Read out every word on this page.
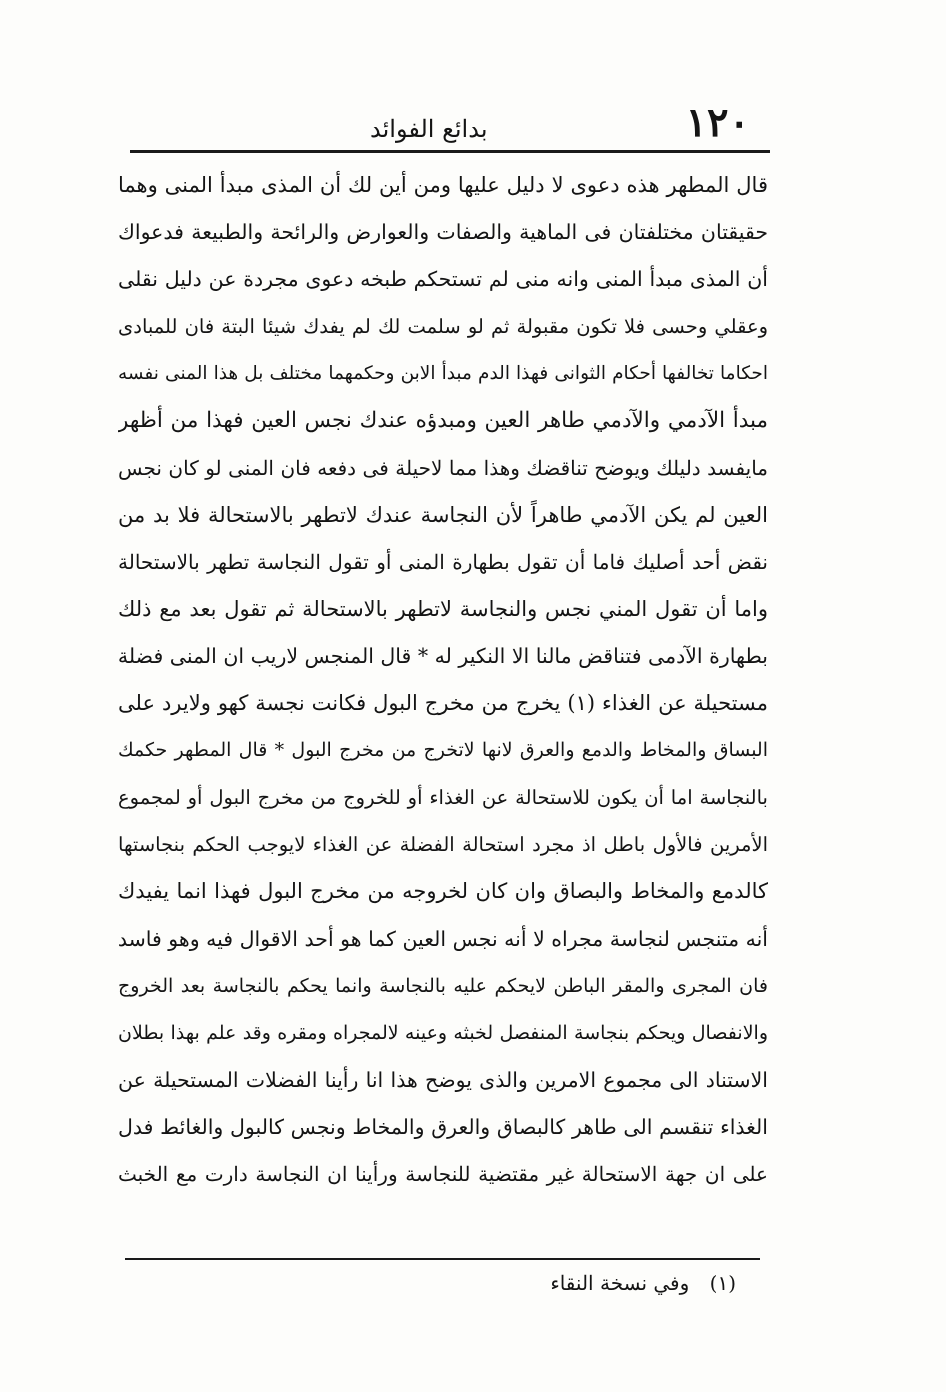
١٢٠
بدائع الفوائد
قال المطهر هذه دعوى لا دليل عليها ومن أين لك أن المذى مبدأ المنى وهما
حقيقتان مختلفتان فى الماهية والصفات والعوارض والرائحة والطبيعة فدعواك
أن المذى مبدأ المنى وانه منى لم تستحكم طبخه دعوى مجردة عن دليل نقلى
وعقلي وحسى فلا تكون مقبولة ثم لو سلمت لك لم يفدك شيئا البتة فان للمبادى
احكاما تخالفها أحكام الثوانى فهذا الدم مبدأ الابن وحكمهما مختلف بل هذا المنى نفسه
مبدأ الآدمي والآدمي طاهر العين ومبدؤه عندك نجس العين فهذا من أظهر
مايفسد دليلك ويوضح تناقضك وهذا مما لاحيلة فى دفعه فان المنى لو كان نجس
العين لم يكن الآدمي طاهراً لأن النجاسة عندك لاتطهر بالاستحالة فلا بد من
نقض أحد أصليك فاما أن تقول بطهارة المنى أو تقول النجاسة تطهر بالاستحالة
واما أن تقول المني نجس والنجاسة لاتطهر بالاستحالة ثم تقول بعد مع ذلك
بطهارة الآدمى فتناقض مالنا الا النكير له * قال المنجس لاريب ان المنى فضلة
مستحيلة عن الغذاء (١) يخرج من مخرج البول فكانت نجسة كهو ولايرد على
البساق والمخاط والدمع والعرق لانها لاتخرج من مخرج البول * قال المطهر حكمك
بالنجاسة اما أن يكون للاستحالة عن الغذاء أو للخروج من مخرج البول أو لمجموع
الأمرين فالأول باطل اذ مجرد استحالة الفضلة عن الغذاء لايوجب الحكم بنجاستها
كالدمع والمخاط والبصاق وان كان لخروجه من مخرج البول فهذا انما يفيدك
أنه متنجس لنجاسة مجراه لا أنه نجس العين كما هو أحد الاقوال فيه وهو فاسد
فان المجرى والمقر الباطن لايحكم عليه بالنجاسة وانما يحكم بالنجاسة بعد الخروج
والانفصال ويحكم بنجاسة المنفصل لخبثه وعينه لالمجراه ومقره وقد علم بهذا بطلان
الاستناد الى مجموع الامرين والذى يوضح هذا انا رأينا الفضلات المستحيلة عن
الغذاء تنقسم الى طاهر كالبصاق والعرق والمخاط ونجس كالبول والغائط فدل
على ان جهة الاستحالة غير مقتضية للنجاسة ورأينا ان النجاسة دارت مع الخبث
(١) وفي نسخة النقاء
